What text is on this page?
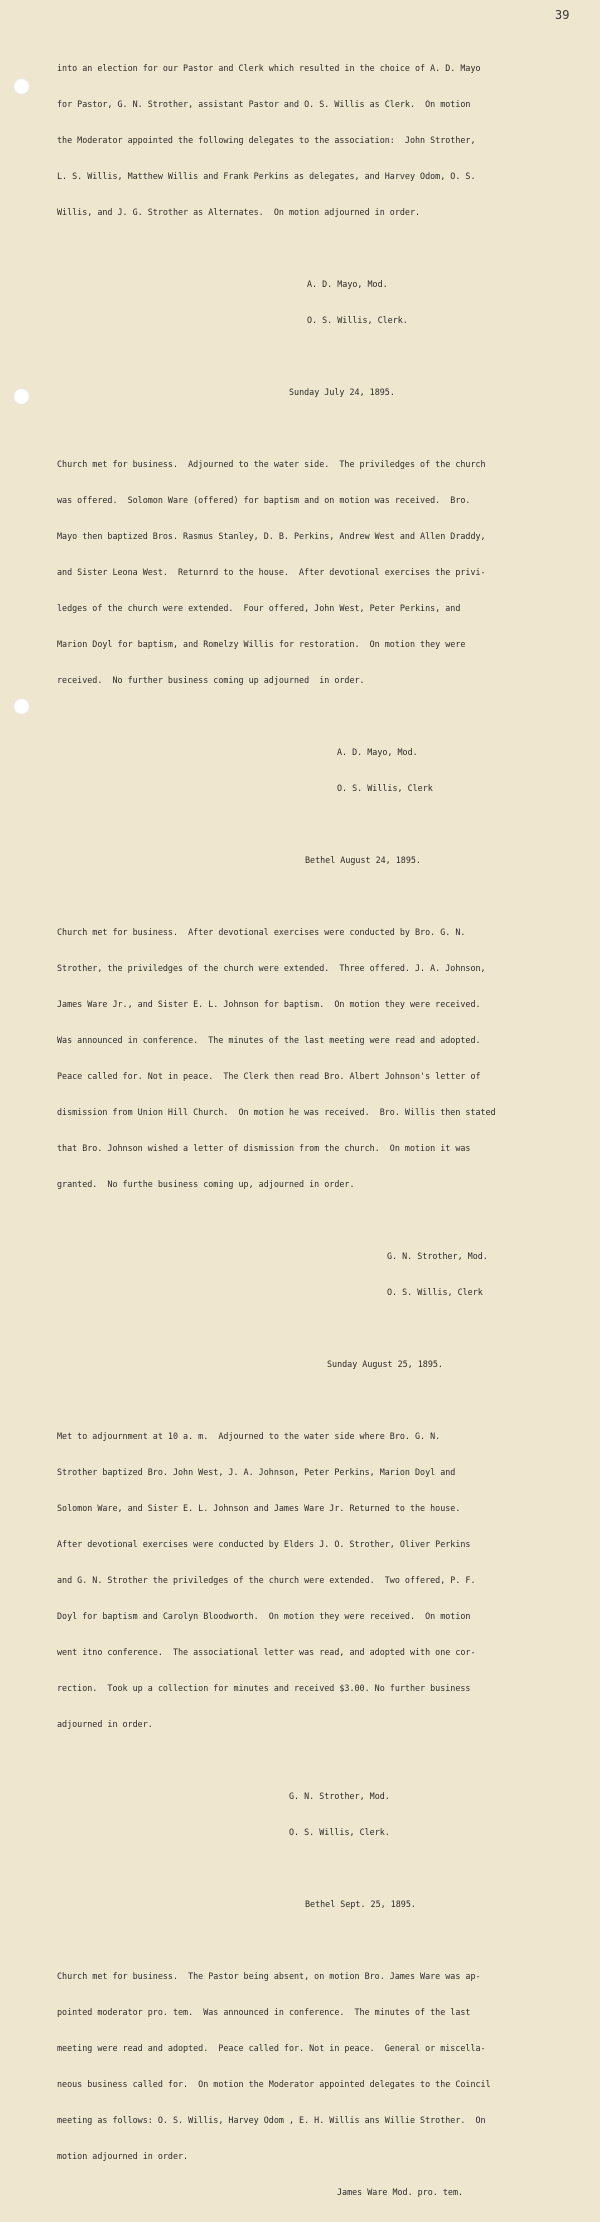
39

into an election for our Pastor and Clerk which resulted in the choice of A. D. Mayo

for Pastor, G. N. Strother, assistant Pastor and O. S. Willis as Clerk.  On motion

the Moderator appointed the following delegates to the association:  John Strother,

L. S. Willis, Matthew Willis and Frank Perkins as delegates, and Harvey Odom, O. S.

Willis, and J. G. Strother as Alternates.  On motion adjourned in order.

A. D. Mayo, Mod.

O. S. Willis, Clerk.

Sunday July 24, 1895.

Church met for business.  Adjourned to the water side.  The priviledges of the church

was offered.  Solomon Ware (offered) for baptism and on motion was received.  Bro.

Mayo then baptized Bros. Rasmus Stanley, D. B. Perkins, Andrew West and Allen Draddy,

and Sister Leona West.  Returnrd to the house.  After devotional exercises the privi-

ledges of the church were extended.  Four offered, John West, Peter Perkins, and

Marion Doyl for baptism, and Romelzy Willis for restoration.  On motion they were

received.  No further business coming up adjourned  in order.

A. D. Mayo, Mod.

O. S. Willis, Clerk

Bethel August 24, 1895.

Church met for business.  After devotional exercises were conducted by Bro. G. N.

Strother, the priviledges of the church were extended.  Three offered. J. A. Johnson,

James Ware Jr., and Sister E. L. Johnson for baptism.  On motion they were received.

Was announced in conference.  The minutes of the last meeting were read and adopted.

Peace called for. Not in peace.  The Clerk then read Bro. Albert Johnson's letter of

dismission from Union Hill Church.  On motion he was received.  Bro. Willis then stated

that Bro. Johnson wished a letter of dismission from the church.  On motion it was

granted.  No furthe business coming up, adjourned in order.

G. N. Strother, Mod.

O. S. Willis, Clerk

Sunday August 25, 1895.

Met to adjournment at 10 a. m.  Adjourned to the water side where Bro. G. N.

Strother baptized Bro. John West, J. A. Johnson, Peter Perkins, Marion Doyl and

Solomon Ware, and Sister E. L. Johnson and James Ware Jr. Returned to the house.

After devotional exercises were conducted by Elders J. O. Strother, Oliver Perkins

and G. N. Strother the priviledges of the church were extended.  Two offered, P. F.

Doyl for baptism and Carolyn Bloodworth.  On motion they were received.  On motion

went itno conference.  The associational letter was read, and adopted with one cor-

rection.  Took up a collection for minutes and received $3.00. No further business

adjourned in order.

G. N. Strother, Mod.

O. S. Willis, Clerk.

Bethel Sept. 25, 1895.

Church met for business.  The Pastor being absent, on motion Bro. James Ware was ap-

pointed moderator pro. tem.  Was announced in conference.  The minutes of the last

meeting were read and adopted.  Peace called for. Not in peace.  General or miscella-

neous business called for.  On motion the Moderator appointed delegates to the Coincil

meeting as follows: O. S. Willis, Harvey Odom , E. H. Willis ans Willie Strother.  On

motion adjourned in order.

James Ware Mod. pro. tem.
